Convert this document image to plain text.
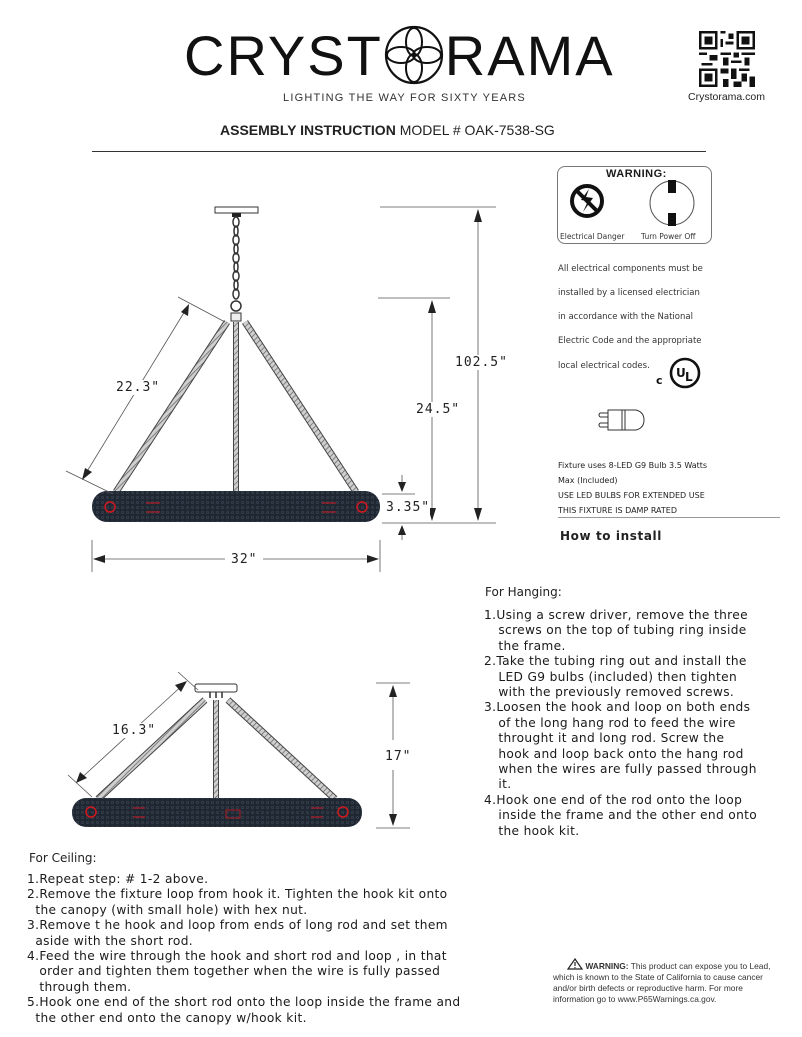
CRYST RAMA
LIGHTING THE WAY FOR SIXTY YEARS	Crystorama.com
ASSEMBLY INSTRUCTION MODEL # OAK-7538-SG
WARNING:
Electrical Danger Turn Power Off
All electrical components must be
installed by a licensed electrician
in accordance with the National
Electric Code and the appropriate
local electrical codes.
c
U L
Fixture uses 8-LED G9 Bulb 3.5 Watts
Max (Included)
USE LED BULBS FOR EXTENDED USE
THIS FIXTURE IS DAMP RATED
How to install
22.3"
24.5"
102.5"
3.35"
32"
16.3"
17"
For Hanging:
1. Using a screw driver, remove the three
screws on the top of tubing ring inside
the frame.
2. Take the tubing ring out and install the
LED G9 bulbs (included) then tighten
with the previously removed screws.
3. Loosen the hook and loop on both ends
of the long hang rod to feed the wire
throught it and long rod. Screw the
hook and loop back onto the hang rod
when the wires are fully passed through
it.
4. Hook one end of the rod onto the loop
inside the frame and the other end onto
the hook kit.
For Ceiling:
1. Repeat step: # 1-2 above.
2. Remove the fixture loop from hook it. Tighten the hook kit onto
the canopy (with small hole) with hex nut.
3. Remove t he hook and loop from ends of long rod and set them
aside with the short rod.
4. Feed the wire through the hook and short rod and loop , in that
order and tighten them together when the wire is fully passed
through them.
5. Hook one end of the short rod onto the loop inside the frame and
the other end onto the canopy w/hook kit.
WARNING: This product can expose you to Lead,
which is known to the State of California to cause cancer and/or birth defects or reproductive harm. For more information go to www.P65Warnings.ca.gov.
